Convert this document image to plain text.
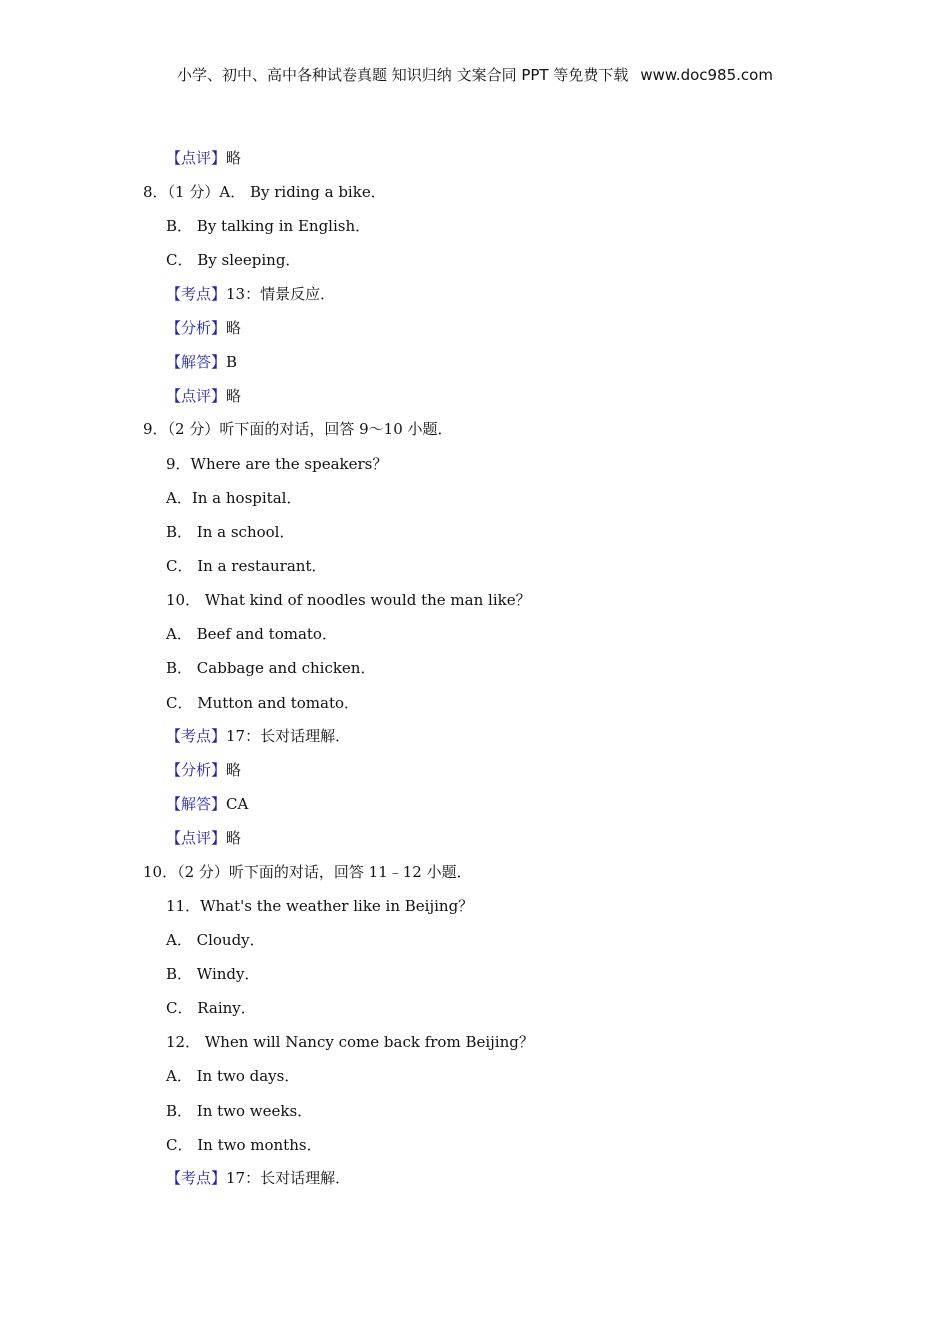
小学、初中、高中各种试卷真题 知识归纳 文案合同 PPT 等免费下载 www.doc985.com
【点评】略
8．（1 分）A． By riding a bike．
B． By talking in English．
C． By sleeping．
【考点】13：情景反应．
【分析】略
【解答】B
【点评】略
9．（2 分）听下面的对话，回答 9～10 小题．
9．Where are the speakers？
A．In a hospital．
B． In a school．
C． In a restaurant．
10． What kind of noodles would the man like？
A． Beef and tomato．
B． Cabbage and chicken．
C． Mutton and tomato．
【考点】17：长对话理解．
【分析】略
【解答】CA
【点评】略
10．（2 分）听下面的对话，回答 11﹣12 小题．
11．What's the weather like in Beijing？
A． Cloudy．
B． Windy．
C． Rainy．
12． When will Nancy come back from Beijing？
A． In two days．
B． In two weeks．
C． In two months．
【考点】17：长对话理解．
